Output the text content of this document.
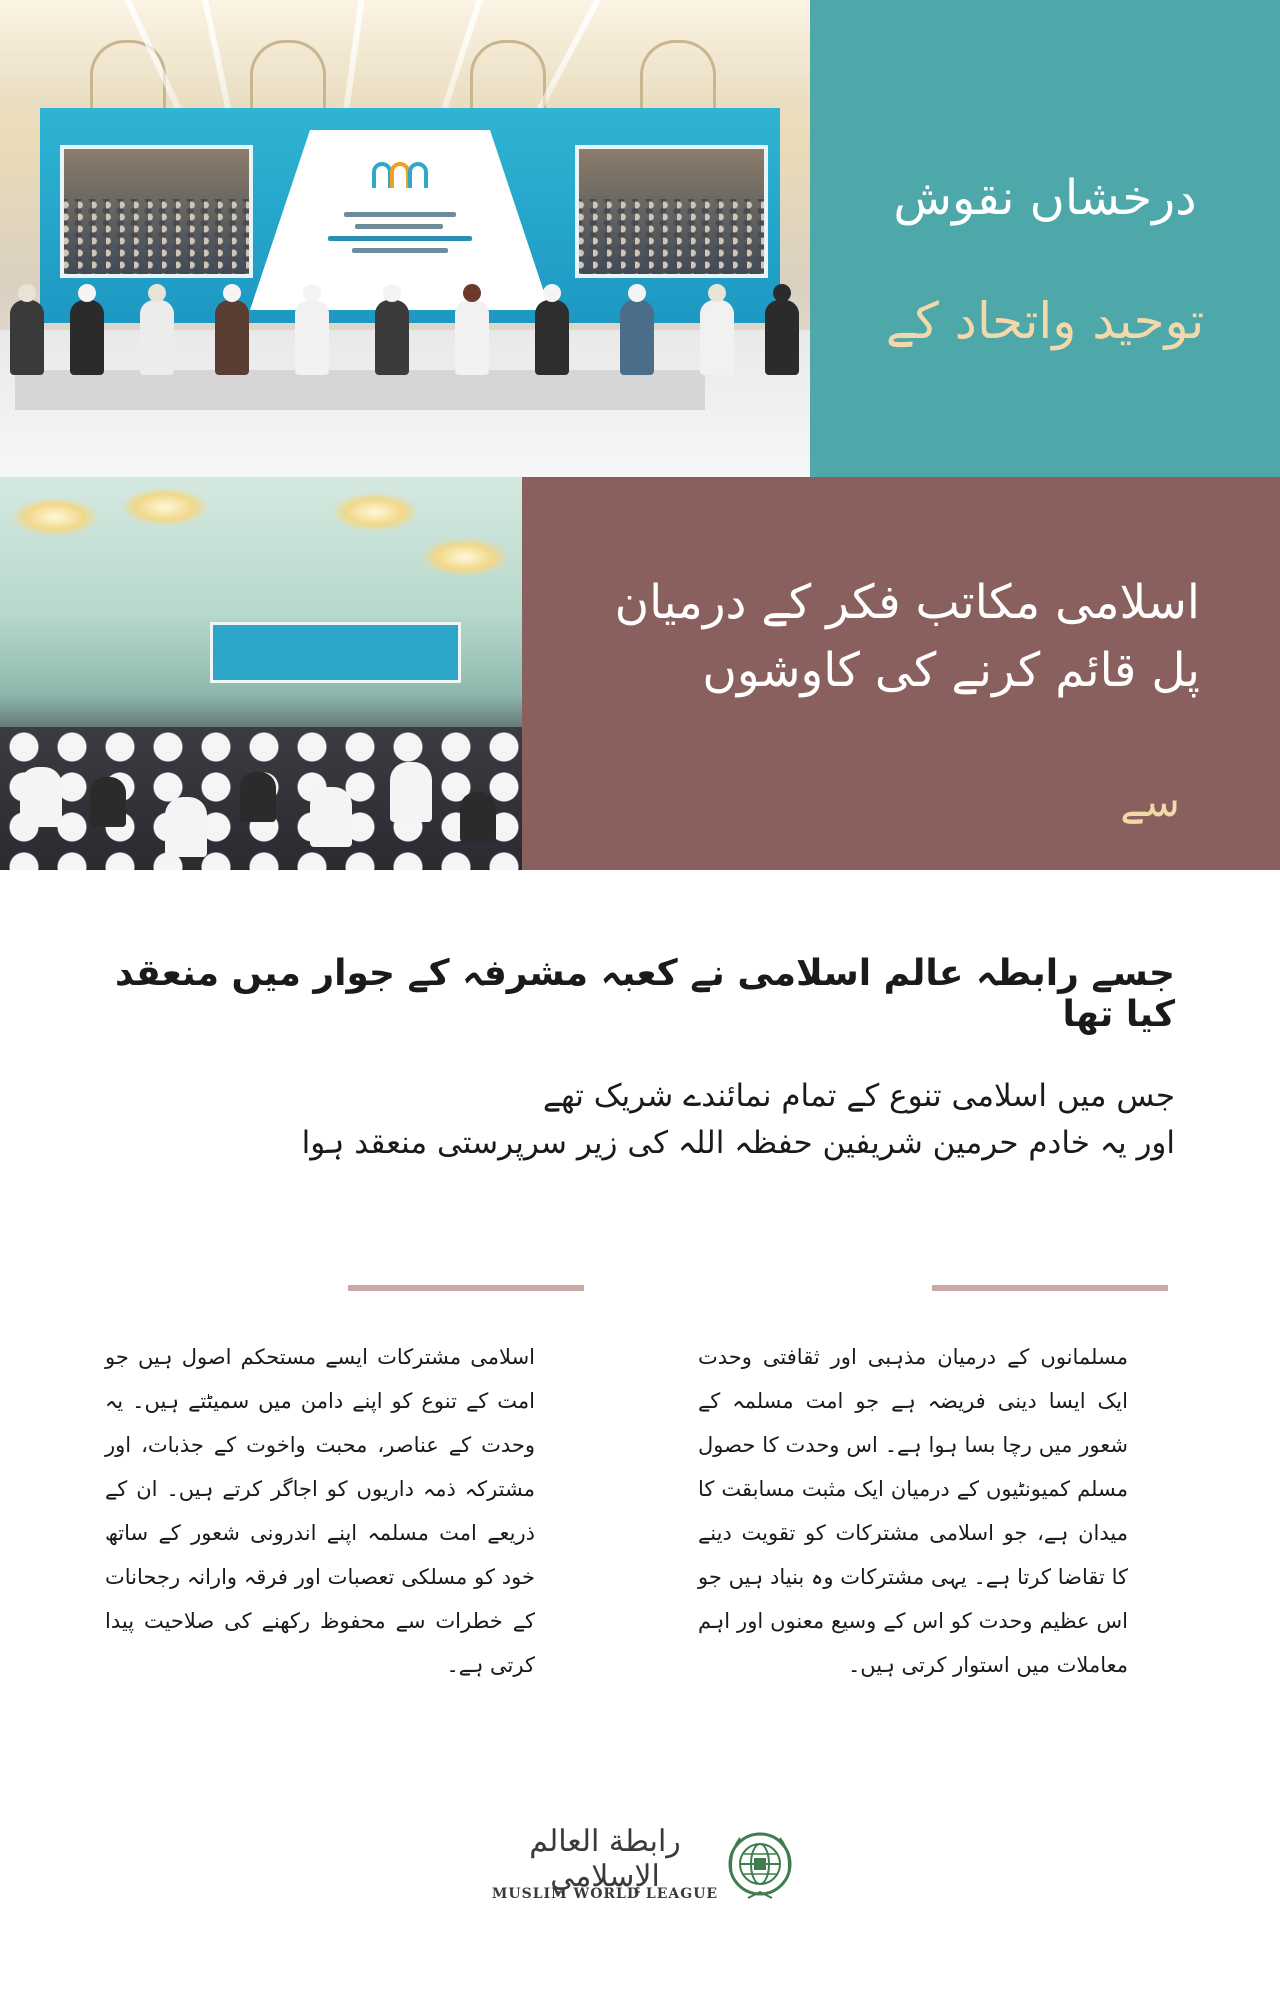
درخشاں نقوش
توحید واتحاد کے
اسلامی مکاتب فکر کے درمیان پل قائم کرنے کی کاوشوں
سے
جسے رابطہ عالم اسلامی نے کعبہ مشرفہ کے جوار میں منعقد کیا تھا
جس میں اسلامی تنوع کے تمام نمائندے شریک تھے
اور یہ خادم حرمین شریفین حفظہ اللہ کی زیر سرپرستی منعقد ہوا
مسلمانوں کے درمیان مذہبی اور ثقافتی وحدت ایک ایسا دینی فریضہ ہے جو امت مسلمہ کے شعور میں رچا بسا ہوا ہے۔ اس وحدت کا حصول مسلم کمیونٹیوں کے درمیان ایک مثبت مسابقت کا میدان ہے، جو اسلامی مشترکات کو تقویت دینے کا تقاضا کرتا ہے۔ یہی مشترکات وہ بنیاد ہیں جو اس عظیم وحدت کو اس کے وسیع معنوں اور اہم معاملات میں استوار کرتی ہیں۔
اسلامی مشترکات ایسے مستحکم اصول ہیں جو امت کے تنوع کو اپنے دامن میں سمیٹتے ہیں۔ یہ وحدت کے عناصر، محبت واخوت کے جذبات، اور مشترکہ ذمہ داریوں کو اجاگر کرتے ہیں۔ ان کے ذریعے امت مسلمہ اپنے اندرونی شعور کے ساتھ خود کو مسلکی تعصبات اور فرقہ وارانہ رجحانات کے خطرات سے محفوظ رکھنے کی صلاحیت پیدا کرتی ہے۔
رابطة العالم الإسلامي
MUSLIM WORLD LEAGUE
